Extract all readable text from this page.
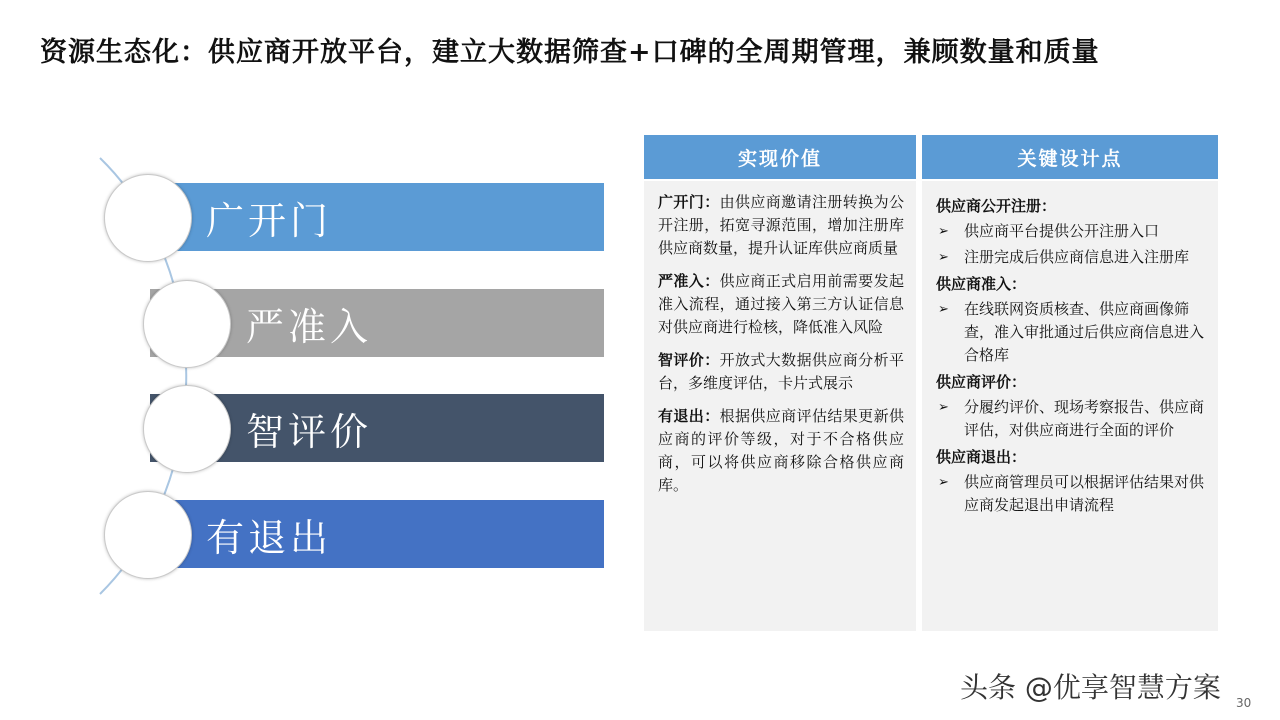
资源生态化：供应商开放平台，建立大数据筛查+口碑的全周期管理，兼顾数量和质量
广开门
严准入
智评价
有退出
实现价值
广开门：由供应商邀请注册转换为公开注册，拓宽寻源范围，增加注册库供应商数量，提升认证库供应商质量
严准入：供应商正式启用前需要发起准入流程，通过接入第三方认证信息对供应商进行检核，降低准入风险
智评价：开放式大数据供应商分析平台，多维度评估，卡片式展示
有退出：根据供应商评估结果更新供应商的评价等级，对于不合格供应商，可以将供应商移除合格供应商库。
关键设计点
供应商公开注册：
➢	供应商平台提供公开注册入口
➢	注册完成后供应商信息进入注册库
供应商准入：
➢	在线联网资质核查、供应商画像筛查，准入审批通过后供应商信息进入合格库
供应商评价：
➢	分履约评价、现场考察报告、供应商评估，对供应商进行全面的评价
供应商退出：
➢	供应商管理员可以根据评估结果对供应商发起退出申请流程
头条 @优享智慧方案 30
